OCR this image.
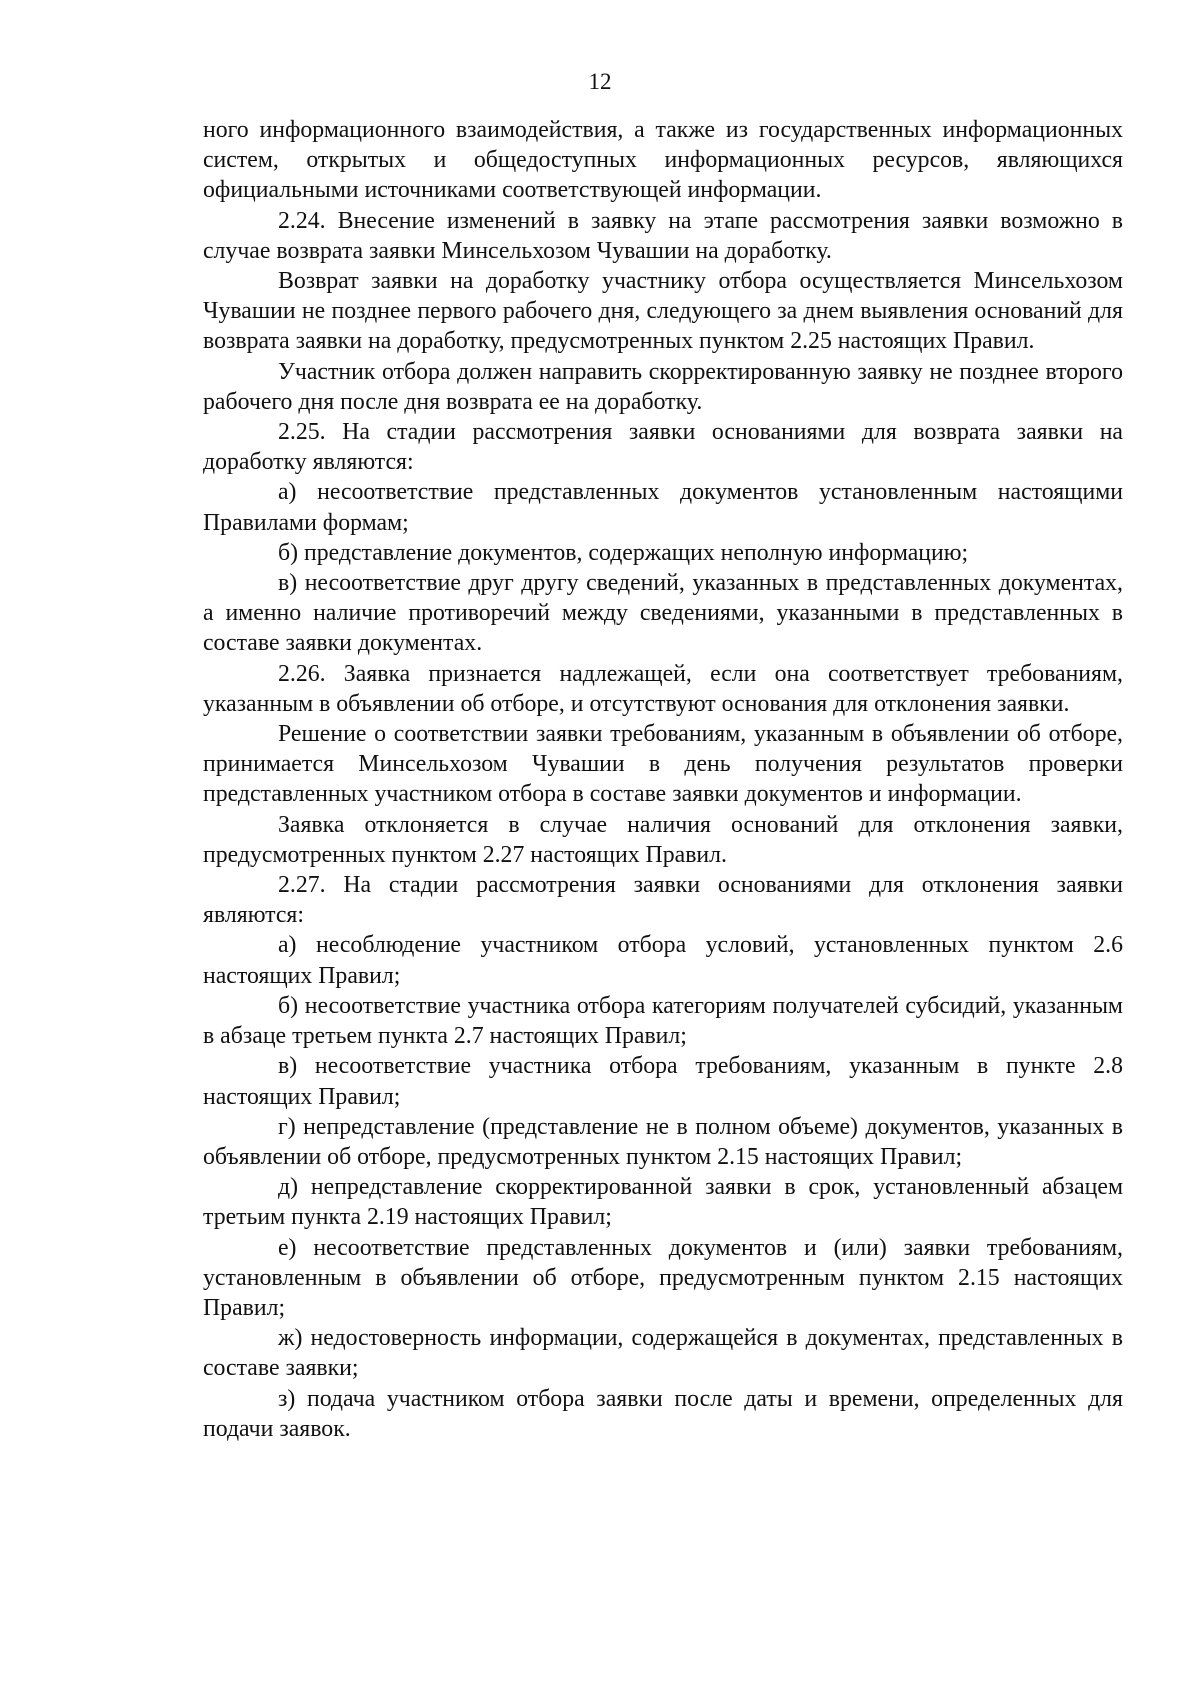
12

ного информационного взаимодействия, а также из государственных информационных систем, открытых и общедоступных информационных ресурсов, являющихся официальными источниками соответствующей информации.

2.24. Внесение изменений в заявку на этапе рассмотрения заявки возможно в случае возврата заявки Минсельхозом Чувашии на доработку.

Возврат заявки на доработку участнику отбора осуществляется Минсельхозом Чувашии не позднее первого рабочего дня, следующего за днем выявления оснований для возврата заявки на доработку, предусмотренных пунктом 2.25 настоящих Правил.

Участник отбора должен направить скорректированную заявку не позднее второго рабочего дня после дня возврата ее на доработку.

2.25. На стадии рассмотрения заявки основаниями для возврата заявки на доработку являются:

а) несоответствие представленных документов установленным настоящими Правилами формам;

б) представление документов, содержащих неполную информацию;

в) несоответствие друг другу сведений, указанных в представленных документах, а именно наличие противоречий между сведениями, указанными в представленных в составе заявки документах.

2.26. Заявка признается надлежащей, если она соответствует требованиям, указанным в объявлении об отборе, и отсутствуют основания для отклонения заявки.

Решение о соответствии заявки требованиям, указанным в объявлении об отборе, принимается Минсельхозом Чувашии в день получения результатов проверки представленных участником отбора в составе заявки документов и информации.

Заявка отклоняется в случае наличия оснований для отклонения заявки, предусмотренных пунктом 2.27 настоящих Правил.

2.27. На стадии рассмотрения заявки основаниями для отклонения заявки являются:

а) несоблюдение участником отбора условий, установленных пунктом 2.6 настоящих Правил;

б) несоответствие участника отбора категориям получателей субсидий, указанным в абзаце третьем пункта 2.7 настоящих Правил;

в) несоответствие участника отбора требованиям, указанным в пункте 2.8 настоящих Правил;

г) непредставление (представление не в полном объеме) документов, указанных в объявлении об отборе, предусмотренных пунктом 2.15 настоящих Правил;

д) непредставление скорректированной заявки в срок, установленный абзацем третьим пункта 2.19 настоящих Правил;

е) несоответствие представленных документов и (или) заявки требованиям, установленным в объявлении об отборе, предусмотренным пунктом 2.15 настоящих Правил;

ж) недостоверность информации, содержащейся в документах, представленных в составе заявки;

з) подача участником отбора заявки после даты и времени, определенных для подачи заявок.
